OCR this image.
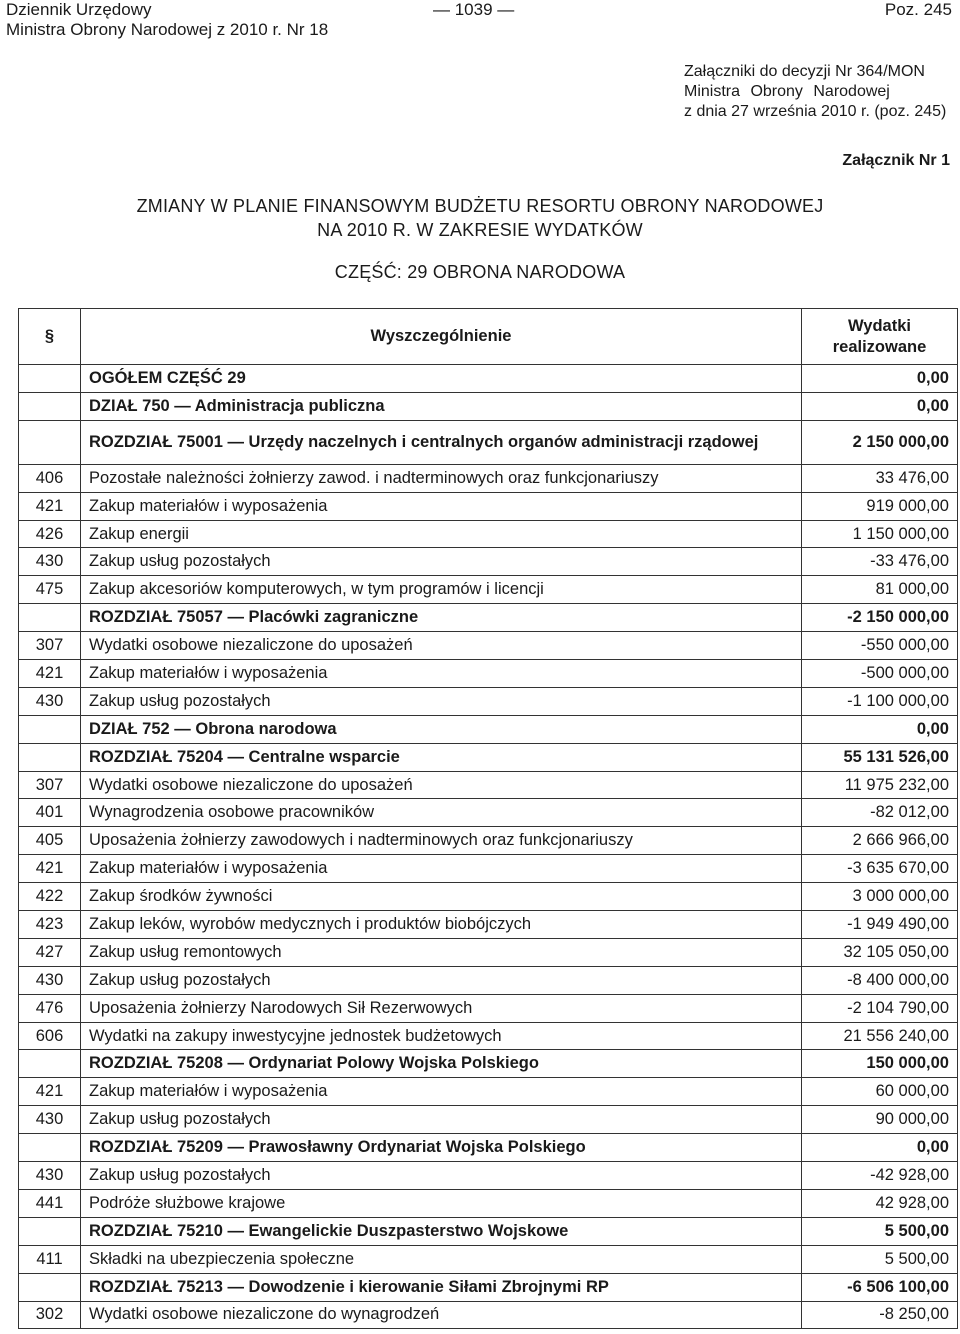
Dziennik Urzędowy
Ministra Obrony Narodowej z 2010 r. Nr 18
— 1039 —	Poz. 245
Załączniki do decyzji Nr 364/MON
Ministra Obrony Narodowej
z dnia 27 września 2010 r. (poz. 245)
Załącznik Nr 1
ZMIANY W PLANIE FINANSOWYM BUDŻETU RESORTU OBRONY NARODOWEJ
NA 2010 R. W ZAKRESIE WYDATKÓW
CZĘŚĆ: 29 OBRONA NARODOWA
§	Wyszczególnienie	Wydatki
realizowane

	OGÓŁEM CZĘŚĆ 29	0,00
	DZIAŁ 750 — Administracja publiczna	0,00
	ROZDZIAŁ 75001 — Urzędy naczelnych i centralnych organów administracji rządowej	2 150 000,00
406	Pozostałe należności żołnierzy zawod. i nadterminowych oraz funkcjonariuszy	33 476,00
421	Zakup materiałów i wyposażenia	919 000,00
426	Zakup energii	1 150 000,00
430	Zakup usług pozostałych	-33 476,00
475	Zakup akcesoriów komputerowych, w tym programów i licencji	81 000,00
	ROZDZIAŁ 75057 — Placówki zagraniczne	-2 150 000,00
307	Wydatki osobowe niezaliczone do uposażeń	-550 000,00
421	Zakup materiałów i wyposażenia	-500 000,00
430	Zakup usług pozostałych	-1 100 000,00
	DZIAŁ 752 — Obrona narodowa	0,00
	ROZDZIAŁ 75204 — Centralne wsparcie	55 131 526,00
307	Wydatki osobowe niezaliczone do uposażeń	11 975 232,00
401	Wynagrodzenia osobowe pracowników	-82 012,00
405	Uposażenia żołnierzy zawodowych i nadterminowych oraz funkcjonariuszy	2 666 966,00
421	Zakup materiałów i wyposażenia	-3 635 670,00
422	Zakup środków żywności	3 000 000,00
423	Zakup leków, wyrobów medycznych i produktów biobójczych	-1 949 490,00
427	Zakup usług remontowych	32 105 050,00
430	Zakup usług pozostałych	-8 400 000,00
476	Uposażenia żołnierzy Narodowych Sił Rezerwowych	-2 104 790,00
606	Wydatki na zakupy inwestycyjne jednostek budżetowych	21 556 240,00
	ROZDZIAŁ 75208 — Ordynariat Polowy Wojska Polskiego	150 000,00
421	Zakup materiałów i wyposażenia	60 000,00
430	Zakup usług pozostałych	90 000,00
	ROZDZIAŁ 75209 — Prawosławny Ordynariat Wojska Polskiego	0,00
430	Zakup usług pozostałych	-42 928,00
441	Podróże służbowe krajowe	42 928,00
	ROZDZIAŁ 75210 — Ewangelickie Duszpasterstwo Wojskowe	5 500,00
411	Składki na ubezpieczenia społeczne	5 500,00
	ROZDZIAŁ 75213 — Dowodzenie i kierowanie Siłami Zbrojnymi RP	-6 506 100,00
302	Wydatki osobowe niezaliczone do wynagrodzeń	-8 250,00
